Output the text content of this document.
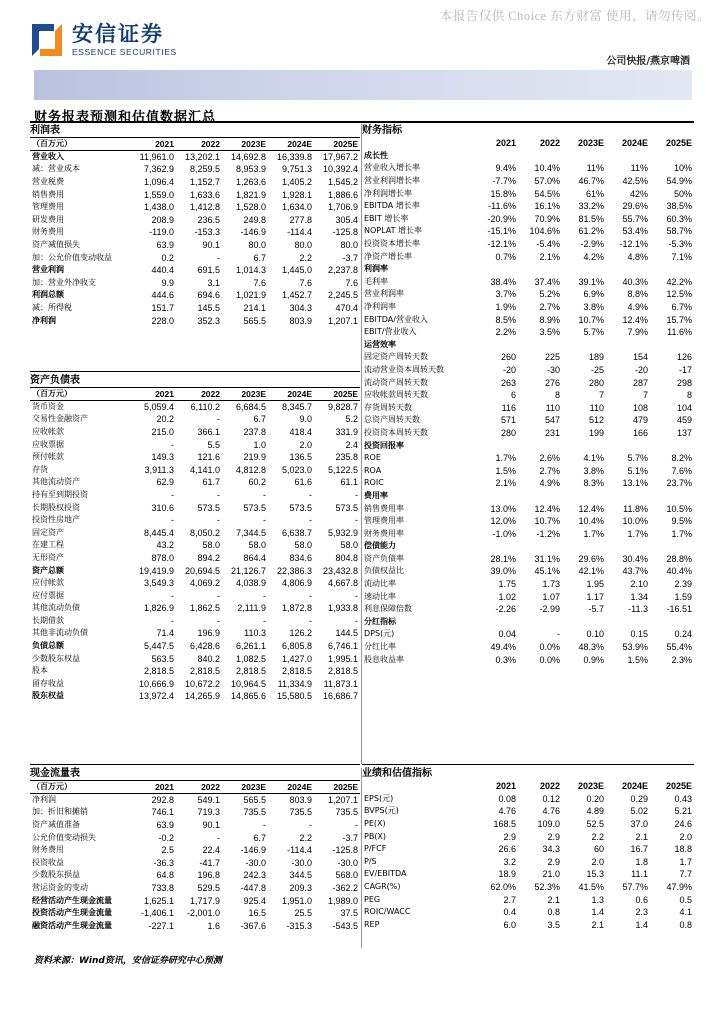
本报告仅供 Choice 东方财富 使用，请勿传阅。
安信证券
ESSENCE SECURITIES
公司快报/燕京啤酒
财务报表预测和估值数据汇总
利润表
（百万元）	2021	2022	2023E	2024E	2025E
营业收入	11,961.0	13,202.1	14,692.8	16,339.8	17,967.2
减：营业成本	7,362.9	8,259.5	8,953.9	9,751.3	10,392.4
营业税费	1,096.4	1,152.7	1,263.6	1,405.2	1,545.2
销售费用	1,559.0	1,633.6	1,821.9	1,928.1	1,886.6
管理费用	1,438.0	1,412.8	1,528.0	1,634.0	1,706.9
研发费用	208.9	236.5	249.8	277.8	305.4
财务费用	-119.0	-153.3	-146.9	-114.4	-125.8
资产减值损失	63.9	90.1	80.0	80.0	80.0
加：公允价值变动收益	0.2	-	6.7	2.2	-3.7
营业利润	440.4	691.5	1,014.3	1,445.0	2,237.8
加：营业外净收支	9.9	3.1	7.6	7.6	7.6
利润总额	444.6	694.6	1,021.9	1,452.7	2,245.5
减：所得税	151.7	145.5	214.1	304.3	470.4
净利润	228.0	352.3	565.5	803.9	1,207.1
资产负债表
（百万元）	2021	2022	2023E	2024E	2025E
货币资金	5,059.4	6,110.2	6,684.5	8,345.7	9,828.7
交易性金融资产	20.2	-	6.7	9.0	5.2
应收帐款	215.0	366.1	237.8	418.4	331.9
应收票据	-	5.5	1.0	2.0	2.4
预付帐款	149.3	121.6	219.9	136.5	235.8
存货	3,911.3	4,141.0	4,812.8	5,023.0	5,122.5
其他流动资产	62.9	61.7	60.2	61.6	61.1
持有至到期投资	-	-	-	-	-
长期股权投资	310.6	573.5	573.5	573.5	573.5
投资性房地产	-	-	-	-	-
固定资产	8,445.4	8,050.2	7,344.5	6,638.7	5,932.9
在建工程	43.2	58.0	58.0	58.0	58.0
无形资产	878.0	894.2	864.4	834.6	804.8
资产总额	19,419.9	20,694.5	21,126.7	22,386.3	23,432.8
应付帐款	3,549.3	4,069.2	4,038.9	4,806.9	4,667.8
应付票据	-	-	-	-	-
其他流动负债	1,826.9	1,862.5	2,111.9	1,872.8	1,933.8
长期借款	-	-	-	-	-
其他非流动负债	71.4	196.9	110.3	126.2	144.5
负债总额	5,447.5	6,428.6	6,261.1	6,805.8	6,746.1
少数股东权益	563.5	840.2	1,082.5	1,427.0	1,995.1
股本	2,818.5	2,818.5	2,818.5	2,818.5	2,818.5
留存收益	10,666.9	10,672.2	10,964.5	11,334.9	11,873.1
股东权益	13,972.4	14,265.9	14,865.6	15,580.5	16,686.7
财务指标
	2021	2022	2023E	2024E	2025E
成长性					
营业收入增长率	9.4%	10.4%	11%	11%	10%
营业利润增长率	-7.7%	57.0%	46.7%	42.5%	54.9%
净利润增长率	15.8%	54.5%	61%	42%	50%
EBITDA 增长率	-11.6%	16.1%	33.2%	29.6%	38.5%
EBIT 增长率	-20.9%	70.9%	81.5%	55.7%	60.3%
NOPLAT 增长率	-15.1%	104.6%	61.2%	53.4%	58.7%
投资资本增长率	-12.1%	-5.4%	-2.9%	-12.1%	-5.3%
净资产增长率	0.7%	2.1%	4.2%	4.8%	7.1%
利润率					
毛利率	38.4%	37.4%	39.1%	40.3%	42.2%
营业利润率	3.7%	5.2%	6.9%	8.8%	12.5%
净利润率	1.9%	2.7%	3.8%	4.9%	6.7%
EBITDA/营业收入	8.5%	8.9%	10.7%	12.4%	15.7%
EBIT/营业收入	2.2%	3.5%	5.7%	7.9%	11.6%
运营效率					
固定资产周转天数	260	225	189	154	126
流动营业资本周转天数	-20	-30	-25	-20	-17
流动资产周转天数	263	276	280	287	298
应收帐款周转天数	6	8	7	7	8
存货周转天数	116	110	110	108	104
总资产周转天数	571	547	512	479	459
投资资本周转天数	280	231	199	166	137
投资回报率					
ROE	1.7%	2.6%	4.1%	5.7%	8.2%
ROA	1.5%	2.7%	3.8%	5.1%	7.6%
ROIC	2.1%	4.9%	8.3%	13.1%	23.7%
费用率					
销售费用率	13.0%	12.4%	12.4%	11.8%	10.5%
管理费用率	12.0%	10.7%	10.4%	10.0%	9.5%
财务费用率	-1.0%	-1.2%	1.7%	1.7%	1.7%
偿债能力					
资产负债率	28.1%	31.1%	29.6%	30.4%	28.8%
负债权益比	39.0%	45.1%	42.1%	43.7%	40.4%
流动比率	1.75	1.73	1.95	2.10	2.39
速动比率	1.02	1.07	1.17	1.34	1.59
利息保障倍数	-2.26	-2.99	-5.7	-11.3	-16.51
分红指标					
DPS(元)	0.04	-	0.10	0.15	0.24
分红比率	49.4%	0.0%	48.3%	53.9%	55.4%
股息收益率	0.3%	0.0%	0.9%	1.5%	2.3%
现金流量表
（百万元）	2021	2022	2023E	2024E	2025E
净利润	292.8	549.1	565.5	803.9	1,207.1
加：折旧和摊销	746.1	719.3	735.5	735.5	735.5
资产减值准备	63.9	90.1	-	-	-
公允价值变动损失	-0.2	-	6.7	2.2	-3.7
财务费用	2.5	22.4	-146.9	-114.4	-125.8
投资收益	-36.3	-41.7	-30.0	-30.0	-30.0
少数股东损益	64.8	196.8	242.3	344.5	568.0
营运资金的变动	733.8	529.5	-447.8	209.3	-362.2
经营活动产生现金流量	1,625.1	1,717.9	925.4	1,951.0	1,989.0
投资活动产生现金流量	-1,406.1	-2,001.0	16.5	25.5	37.5
融资活动产生现金流量	-227.1	1.6	-367.6	-315.3	-543.5
业绩和估值指标
	2021	2022	2023E	2024E	2025E
EPS(元)	0.08	0.12	0.20	0.29	0.43
BVPS(元)	4.76	4.76	4.89	5.02	5.21
PE(X)	168.5	109.0	52.5	37.0	24.6
PB(X)	2.9	2.9	2.2	2.1	2.0
P/FCF	26.6	34.3	60	16.7	18.8
P/S	3.2	2.9	2.0	1.8	1.7
EV/EBITDA	18.9	21.0	15.3	11.1	7.7
CAGR(%)	62.0%	52.3%	41.5%	57.7%	47.9%
PEG	2.7	2.1	1.3	0.6	0.5
ROIC/WACC	0.4	0.8	1.4	2.3	4.1
REP	6.0	3.5	2.1	1.4	0.8
资料来源：Wind资讯，安信证券研究中心预测
